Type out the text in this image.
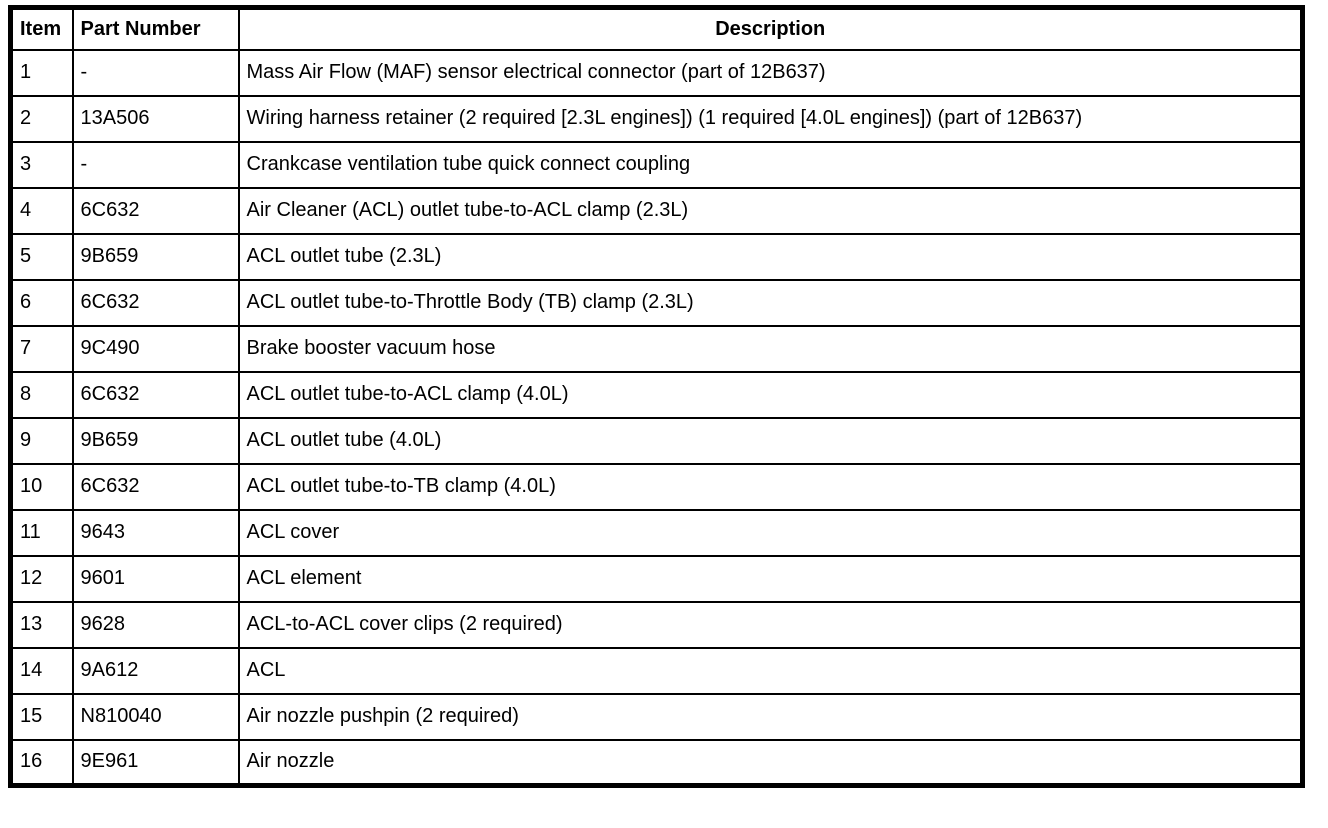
Item	Part Number	Description
1	-	Mass Air Flow (MAF) sensor electrical connector (part of 12B637)
2	13A506	Wiring harness retainer (2 required [2.3L engines]) (1 required [4.0L engines]) (part of 12B637)
3	-	Crankcase ventilation tube quick connect coupling
4	6C632	Air Cleaner (ACL) outlet tube-to-ACL clamp (2.3L)
5	9B659	ACL outlet tube (2.3L)
6	6C632	ACL outlet tube-to-Throttle Body (TB) clamp (2.3L)
7	9C490	Brake booster vacuum hose
8	6C632	ACL outlet tube-to-ACL clamp (4.0L)
9	9B659	ACL outlet tube (4.0L)
10	6C632	ACL outlet tube-to-TB clamp (4.0L)
11	9643	ACL cover
12	9601	ACL element
13	9628	ACL-to-ACL cover clips (2 required)
14	9A612	ACL
15	N810040	Air nozzle pushpin (2 required)
16	9E961	Air nozzle
